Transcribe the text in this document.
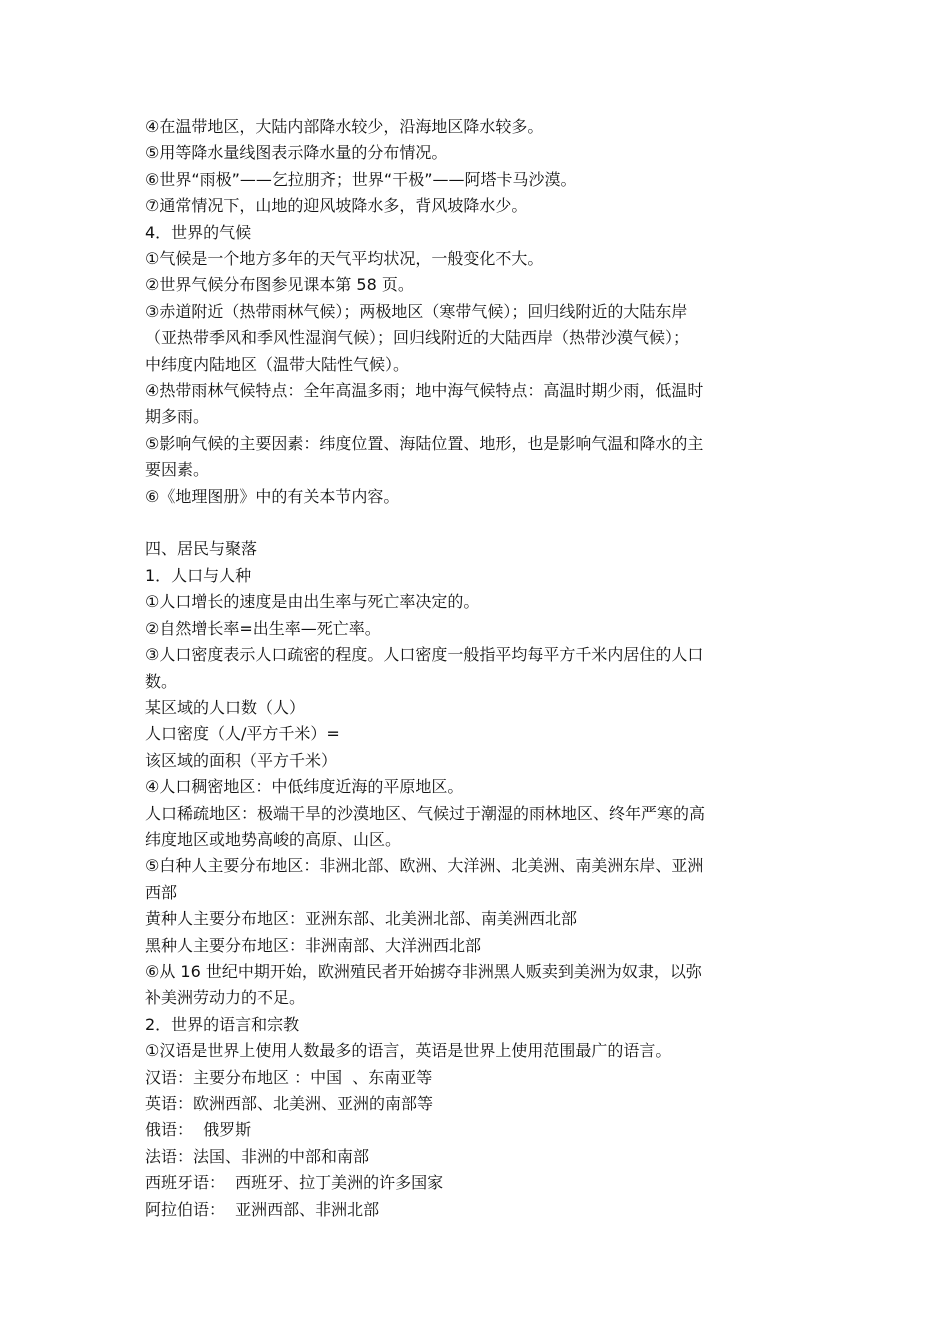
④在温带地区，大陆内部降水较少，沿海地区降水较多。

⑤用等降水量线图表示降水量的分布情况。

⑥世界“雨极”——乞拉朋齐；世界“干极”——阿塔卡马沙漠。

⑦通常情况下，山地的迎风坡降水多，背风坡降水少。

4．世界的气候

①气候是一个地方多年的天气平均状况，一般变化不大。

②世界气候分布图参见课本第 58 页。

③赤道附近（热带雨林气候）；两极地区（寒带气候）；回归线附近的大陆东岸

（亚热带季风和季风性湿润气候）；回归线附近的大陆西岸（热带沙漠气候）；

中纬度内陆地区（温带大陆性气候）。

④热带雨林气候特点：全年高温多雨；地中海气候特点：高温时期少雨，低温时

期多雨。

⑤影响气候的主要因素：纬度位置、海陆位置、地形，也是影响气温和降水的主

要因素。

⑥《地理图册》中的有关本节内容。

四、居民与聚落

1．人口与人种

①人口增长的速度是由出生率与死亡率决定的。

②自然增长率=出生率—死亡率。

③人口密度表示人口疏密的程度。人口密度一般指平均每平方千米内居住的人口

数。

某区域的人口数（人）

人口密度（人/平方千米）=

该区域的面积（平方千米）

④人口稠密地区：中低纬度近海的平原地区。

人口稀疏地区：极端干旱的沙漠地区、气候过于潮湿的雨林地区、终年严寒的高

纬度地区或地势高峻的高原、山区。

⑤白种人主要分布地区：非洲北部、欧洲、大洋洲、北美洲、南美洲东岸、亚洲

西部

黄种人主要分布地区：亚洲东部、北美洲北部、南美洲西北部

黑种人主要分布地区：非洲南部、大洋洲西北部

⑥从 16 世纪中期开始，欧洲殖民者开始掳夺非洲黑人贩卖到美洲为奴隶，以弥

补美洲劳动力的不足。

2．世界的语言和宗教

①汉语是世界上使用人数最多的语言，英语是世界上使用范围最广的语言。

汉语：主要分布地区 ：中国  、东南亚等

英语：欧洲西部、北美洲、亚洲的南部等

俄语：  俄罗斯

法语：法国、非洲的中部和南部

西班牙语：  西班牙、拉丁美洲的许多国家

阿拉伯语：  亚洲西部、非洲北部
